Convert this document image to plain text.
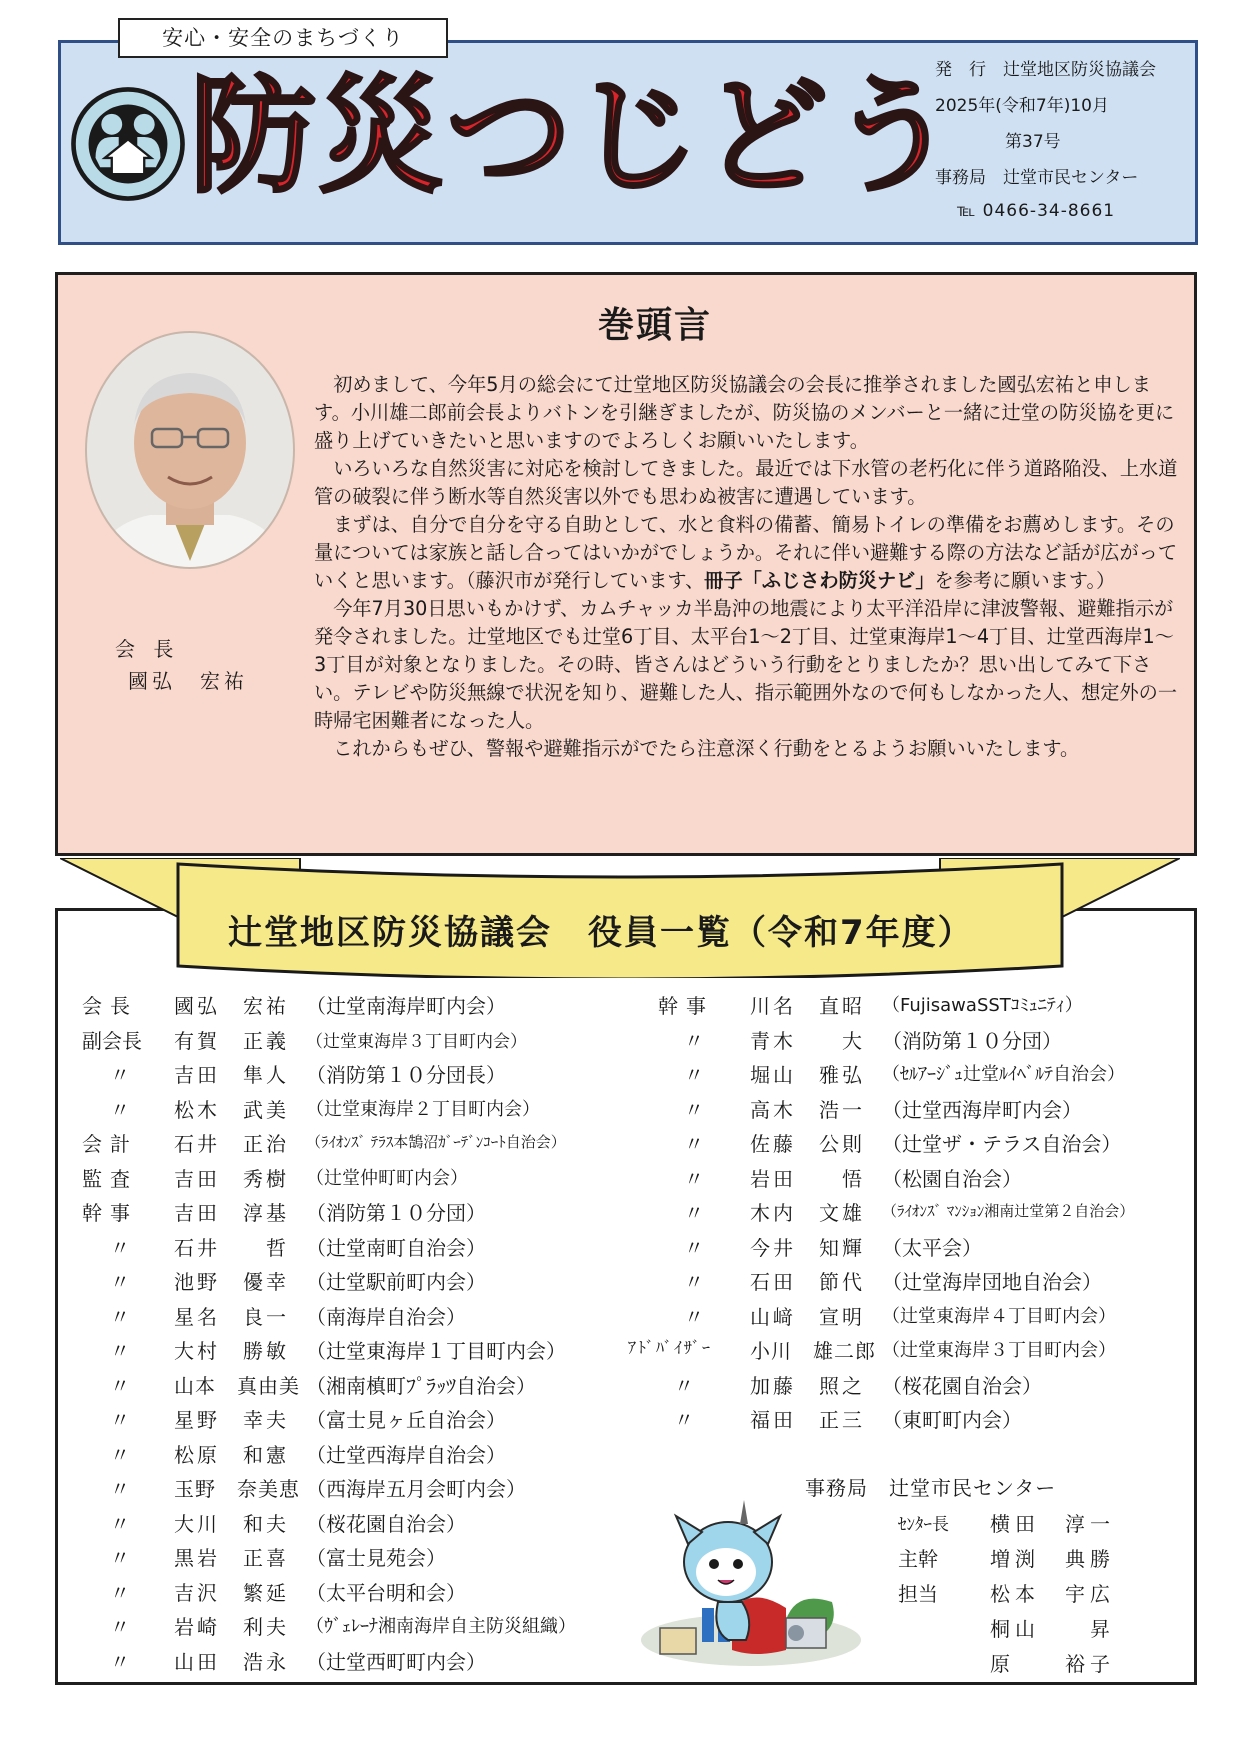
安心・安全のまちづくり
防災つじどう
発　行　辻堂地区防災協議会
2025年(令和7年)10月
第37号
事務局　辻堂市民センター
℡ 0466-34-8661
巻頭言
会 長
國弘　宏祐

初めまして、今年5月の総会にて辻堂地区防災協議会の会長に推挙されました國弘宏祐と申します。小川雄二郎前会長よりバトンを引継ぎましたが、防災協のメンバーと一緒に辻堂の防災協を更に盛り上げていきたいと思いますのでよろしくお願いいたします。

いろいろな自然災害に対応を検討してきました。最近では下水管の老朽化に伴う道路陥没、上水道管の破裂に伴う断水等自然災害以外でも思わぬ被害に遭遇しています。

まずは、自分で自分を守る自助として、水と食料の備蓄、簡易トイレの準備をお薦めします。その量については家族と話し合ってはいかがでしょうか。それに伴い避難する際の方法など話が広がっていくと思います。（藤沢市が発行しています、冊子「ふじさわ防災ナビ」を参考に願います。）

今年7月30日思いもかけず、カムチャッカ半島沖の地震により太平洋沿岸に津波警報、避難指示が発令されました。辻堂地区でも辻堂6丁目、太平台1～2丁目、辻堂東海岸1～4丁目、辻堂西海岸1～3丁目が対象となりました。その時、皆さんはどういう行動をとりましたか？思い出してみて下さい。テレビや防災無線で状況を知り、避難した人、指示範囲外なので何もしなかった人、想定外の一時帰宅困難者になった人。

これからもぜひ、警報や避難指示がでたら注意深く行動をとるようお願いいたします。

辻堂地区防災協議会　役員一覧（令和7年度）
会長	國弘　宏祐 （辻堂南海岸町内会）
副会長	有賀　正義 （辻堂東海岸３丁目町内会）
〃 吉田　隼人 （消防第１０分団長）
〃 松木　武美 （辻堂東海岸２丁目町内会）
会計	石井　正治 （ﾗｲｵﾝｽﾞ ﾃﾗｽ本鵠沼ｶﾞｰﾃﾞﾝｺｰﾄ自治会）
監査	吉田　秀樹 （辻堂仲町町内会）
幹事	吉田　淳基 （消防第１０分団）
〃 石井　　哲 （辻堂南町自治会）
〃 池野　優幸 （辻堂駅前町内会）
〃 星名　良一 （南海岸自治会）
〃 大村　勝敏 （辻堂東海岸１丁目町内会）
〃 山本　真由美 （湘南槙町ﾌﾟﾗｯﾂ自治会）
〃 星野　幸夫 （富士見ヶ丘自治会）
〃 松原　和憲 （辻堂西海岸自治会）
〃 玉野　奈美恵 （西海岸五月会町内会）
〃 大川　和夫 （桜花園自治会）
〃 黒岩　正喜 （富士見苑会）
〃 吉沢　繁延 （太平台明和会）
〃 岩崎　利夫 （ｳﾞｪﾚｰﾅ湘南海岸自主防災組織）
〃 山田　浩永 （辻堂西町町内会）
幹事	川名　直昭 （FujisawaSSTｺﾐｭﾆﾃｨ）
〃 青木　　大 （消防第１０分団）
〃 堀山　雅弘 （ｾﾙｱｰｼﾞｭ辻堂ﾙｲﾍﾞﾙﾃ自治会）
〃 高木　浩一 （辻堂西海岸町内会）
〃 佐藤　公則 （辻堂ザ・テラス自治会）
〃 岩田　　悟 （松園自治会）
〃 木内　文雄 （ﾗｲｵﾝｽﾞ ﾏﾝｼｮﾝ湘南辻堂第２自治会）
〃 今井　知輝 （太平会）
〃 石田　節代 （辻堂海岸団地自治会）
〃 山﨑　宣明 （辻堂東海岸４丁目町内会）
ｱﾄﾞﾊﾞｲｻﾞｰ 小川　雄二郎 （辻堂東海岸３丁目町内会）
〃	加藤　照之 （桜花園自治会）
〃	福田　正三 （東町町内会）
事務局　辻堂市民センター
ｾﾝﾀｰ長 横田　淳一
主幹	増渕　典勝
担当	松本　宇広
桐山　　昇
原　　裕子
